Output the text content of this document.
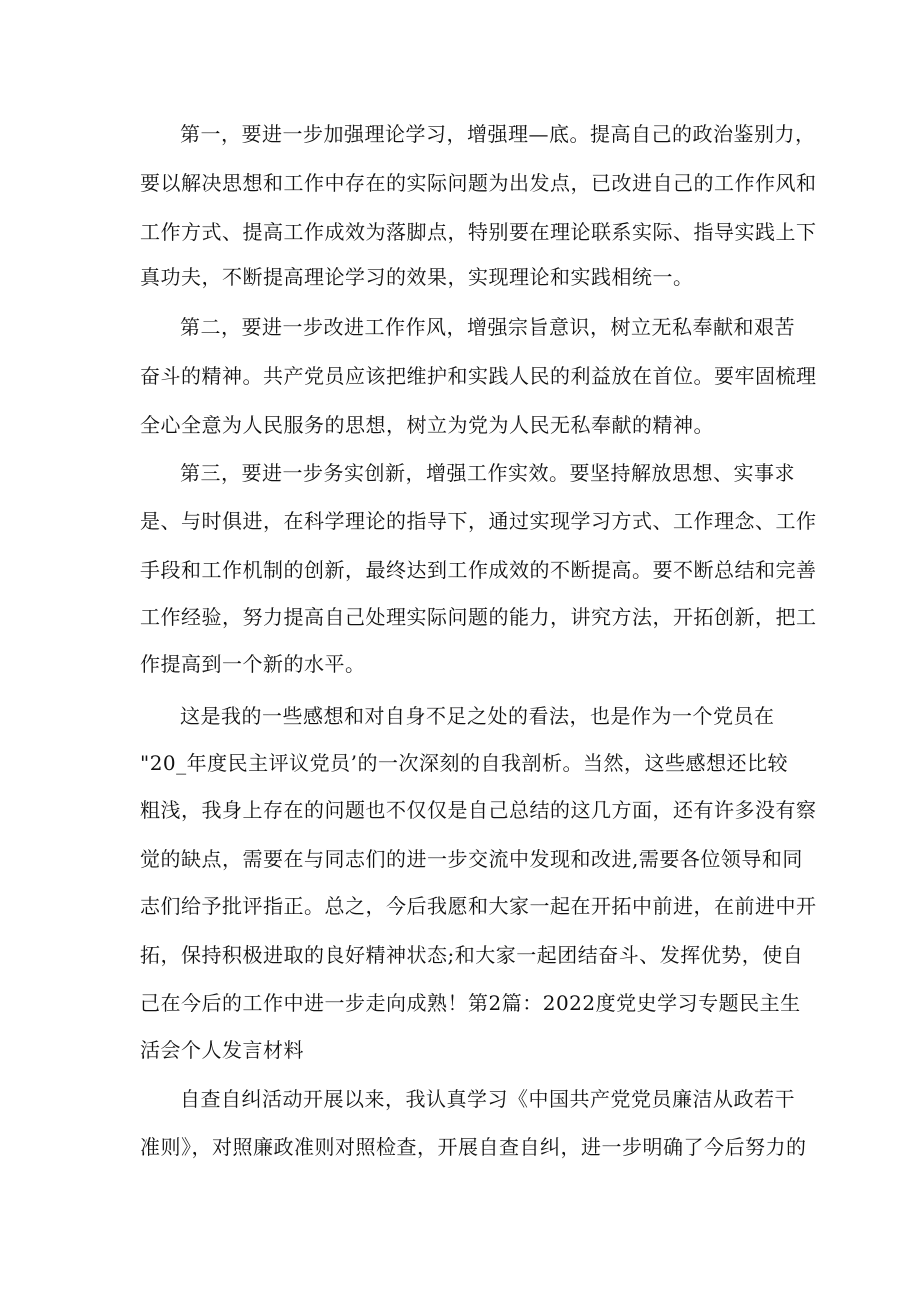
第一，要进一步加强理论学习，增强理—底。提高自己的政治鉴别力，
要以解决思想和工作中存在的实际问题为出发点，已改进自己的工作作风和
工作方式、提高工作成效为落脚点，特别要在理论联系实际、指导实践上下
真功夫，不断提高理论学习的效果，实现理论和实践相统一。
第二，要进一步改进工作作风，增强宗旨意识，树立无私奉献和艰苦
奋斗的精神。共产党员应该把维护和实践人民的利益放在首位。要牢固梳理
全心全意为人民服务的思想，树立为党为人民无私奉献的精神。
第三，要进一步务实创新，增强工作实效。要坚持解放思想、实事求
是、与时俱进，在科学理论的指导下，通过实现学习方式、工作理念、工作
手段和工作机制的创新，最终达到工作成效的不断提高。要不断总结和完善
工作经验，努力提高自己处理实际问题的能力，讲究方法，开拓创新，把工
作提高到一个新的水平。
这是我的一些感想和对自身不足之处的看法，也是作为一个党员在
"20_年度民主评议党员’的一次深刻的自我剖析。当然，这些感想还比较
粗浅，我身上存在的问题也不仅仅是自己总结的这几方面，还有许多没有察
觉的缺点，需要在与同志们的进一步交流中发现和改进,需要各位领导和同
志们给予批评指正。总之，今后我愿和大家一起在开拓中前进，在前进中开
拓，保持积极进取的良好精神状态;和大家一起团结奋斗、发挥优势，使自
己在今后的工作中进一步走向成熟！第2篇：2022度党史学习专题民主生
活会个人发言材料
自查自纠活动开展以来，我认真学习《中国共产党党员廉洁从政若干
准则》，对照廉政准则对照检查，开展自查自纠，进一步明确了今后努力的
